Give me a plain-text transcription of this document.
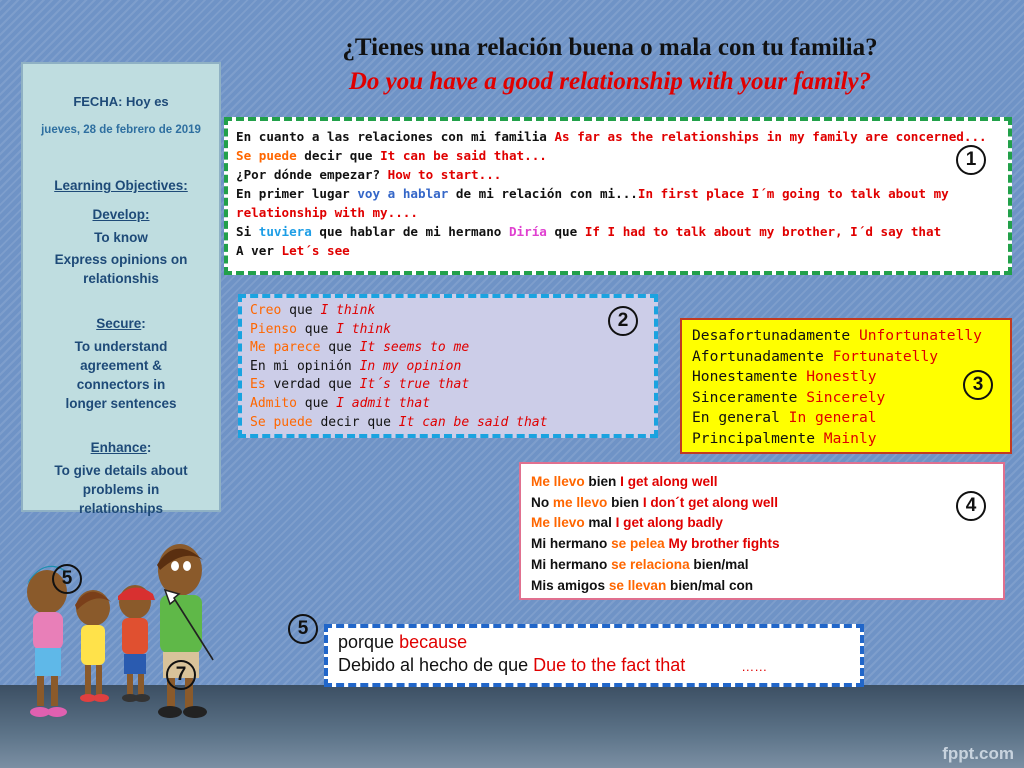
fppt.com
¿Tienes una relación buena o mala con tu familia?
Do you have a good relationship with your family?
FECHA: Hoy es
jueves, 28 de febrero de 2019
Learning Objectives:
Develop:
To know
Express opinions on
relationshis
Secure:
To understand
agreement &
connectors in
longer sentences
Enhance:
To give details about
problems in
relationships
En cuanto a las relaciones con mi familia As far as the relationships in my family are concerned...
Se puede decir que It can be said that...
¿Por dónde empezar? How to start...
En primer lugar voy a hablar de mi relación con mi...In first place I´m going to talk about my
relationship with my....
Si tuviera que hablar de mi hermano Diría que If I had to talk about my brother, I´d say that
A ver Let´s see
Creo que I think
Pienso que I think
Me parece que It seems to me
En mi opinión In my opinion
Es verdad que It´s true that
Admito que I admit that
Se puede decir que It can be said that
Desafortunadamente Unfortunatelly
Afortunadamente Fortunatelly
Honestamente Honestly
Sinceramente Sincerely
En general In general
Principalmente Mainly
Me llevo bien I get along well
No me llevo bien I don´t get along well
Me llevo mal I get along badly
Mi hermano se pelea My brother fights
Mi hermano se relaciona bien/mal
Mis amigos se llevan bien/mal con
porque because
Debido al hecho de que Due to the fact that	……
1
2
3
4
5
5
7
